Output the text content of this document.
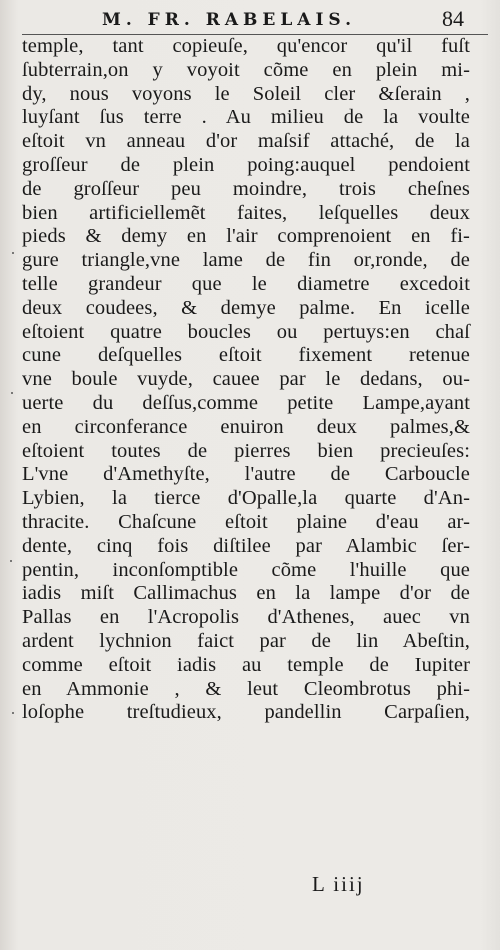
M. FR. RABELAIS.	84
temple, tant copieuſe, qu'encor qu'il fuſt
ſubterrain,on y voyoit cõme en plein mi-
dy, nous voyons le Soleil cler &ſerain ,
luyſant ſus terre . Au milieu de la voulte
eſtoit vn anneau d'or maſsif attaché, de la
groſſeur de plein poing:auquel pendoient
de groſſeur peu moindre, trois cheſnes
bien artificiellemẽt faites, leſquelles deux
pieds & demy en l'air comprenoient en fi-
gure triangle,vne lame de fin or,ronde, de
telle grandeur que le diametre excedoit
deux coudees, & demye palme. En icelle
eſtoient quatre boucles ou pertuys:en chaſ
cune deſquelles eſtoit fixement retenue
vne boule vuyde, cauee par le dedans, ou-
uerte du deſſus,comme petite Lampe,ayant
en circonferance enuiron deux palmes,&
eſtoient toutes de pierres bien precieuſes:
L'vne d'Amethyſte, l'autre de Carboucle
Lybien, la tierce d'Opalle,la quarte d'An-
thracite. Chaſcune eſtoit plaine d'eau ar-
dente, cinq fois diſtilee par Alambic ſer-
pentin, inconſomptible cõme l'huille que
iadis miſt Callimachus en la lampe d'or de
Pallas en l'Acropolis d'Athenes, auec vn
ardent lychnion faict par de lin Abeſtin,
comme eſtoit iadis au temple de Iupiter
en Ammonie , & leut Cleombrotus phi-
loſophe treſtudieux, pandellin Carpaſien,
L iiij
